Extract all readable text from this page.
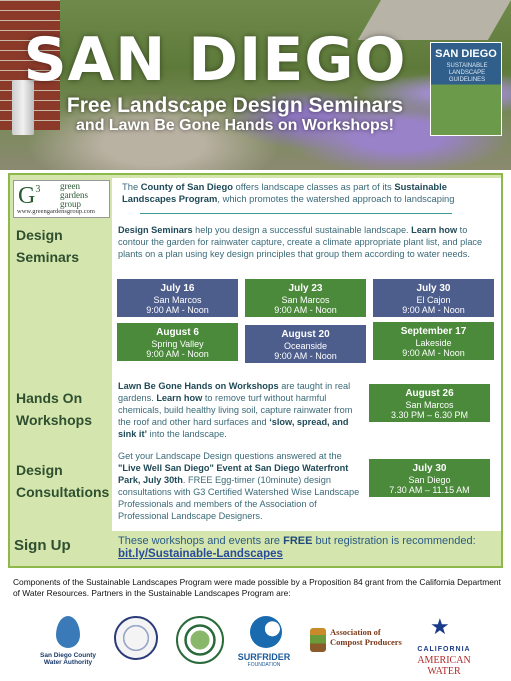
SAN DIEGO
Free Landscape Design Seminars
and Lawn Be Gone Hands on Workshops!
SAN DIEGO
SUSTAINABLE LANDSCAPE GUIDELINES
$G^3$ green
gardens
group
www.greengardensgroup.com
The County of San Diego offers landscape classes as part of its Sustainable Landscapes Program, which promotes the watershed approach to landscaping
Design
Seminars
Design Seminars help you design a successful sustainable landscape. Learn how to contour the garden for rainwater capture, create a climate appropriate plant list, and place plants on a plan using key design principles that group them according to water needs.
July 16
San Marcos
9:00 AM - Noon
July 23
San Marcos
9:00 AM - Noon
July 30
El Cajon
9:00 AM - Noon
August 6
Spring Valley
9:00 AM - Noon
August 20
Oceanside
9:00 AM - Noon
September 17
Lakeside
9:00 AM - Noon
Hands On
Workshops
Lawn Be Gone Hands on Workshops are taught in real gardens. Learn how to remove turf without harmful chemicals, build healthy living soil, capture rainwater from the roof and other hard surfaces and ‘slow, spread, and sink it’ into the landscape.
August 26
San Marcos
3.30 PM – 6.30 PM
Design
Consultations
Get your Landscape Design questions answered at the "Live Well San Diego" Event at San Diego Waterfront Park, July 30th. FREE Egg-timer (10minute) design consultations with G3 Certified Watershed Wise Landscape Professionals and members of the Association of Professional Landscape Designers.
July 30
San Diego
7.30 AM – 11.15 AM
Sign Up	These workshops and events are FREE but registration is recommended:
bit.ly/Sustainable-Landscapes
Components of the Sustainable Landscapes Program were made possible by a Proposition 84 grant from the California Department of Water Resources. Partners in the Sustainable Landscapes Program are:
San Diego County Water Authority
SURFRIDER
FOUNDATION
Association of Compost Producers
★
CALIFORNIA
AMERICAN WATER
